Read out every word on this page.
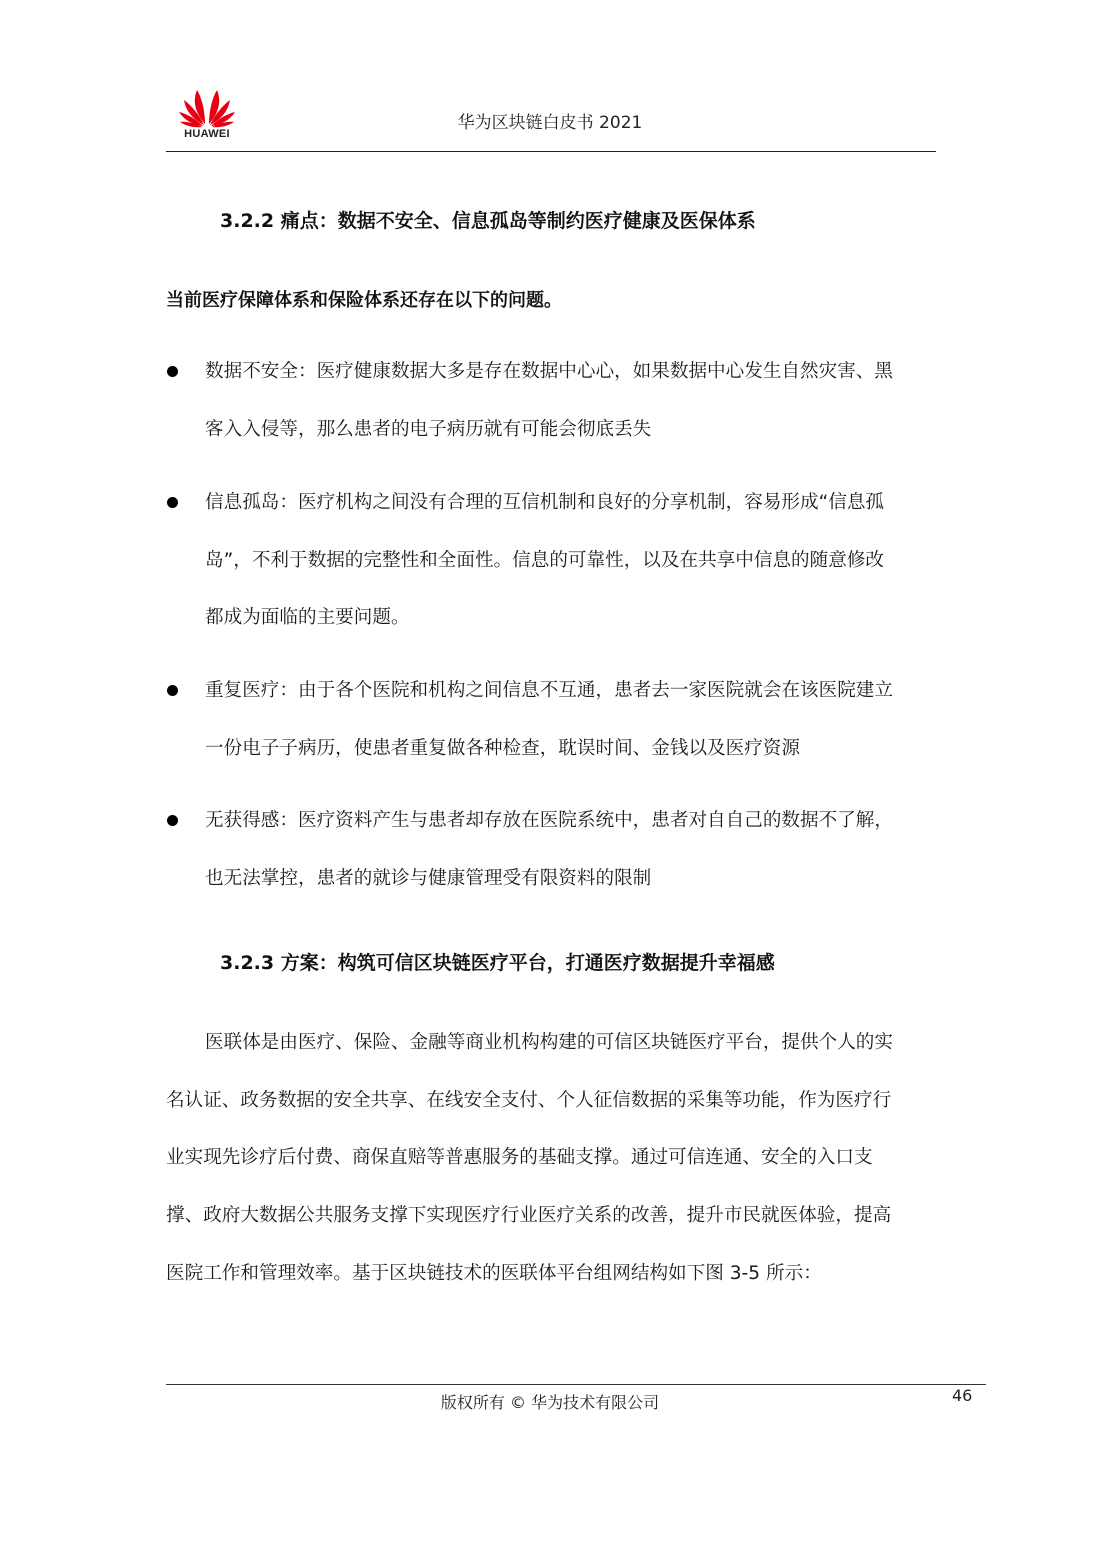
HUAWEI
华为区块链白皮书 2021
3.2.2 痛点：数据不安全、信息孤岛等制约医疗健康及医保体系
当前医疗保障体系和保险体系还存在以下的问题。
数据不安全：医疗健康数据大多是存在数据中心心，如果数据中心发生自然灾害、黑
客入入侵等，那么患者的电子病历就有可能会彻底丢失
信息孤岛：医疗机构之间没有合理的互信机制和良好的分享机制，容易形成“信息孤
岛”，不利于数据的完整性和全面性。信息的可靠性，以及在共享中信息的随意修改
都成为面临的主要问题。
重复医疗：由于各个医院和机构之间信息不互通，患者去一家医院就会在该医院建立
一份电子子病历，使患者重复做各种检查，耽误时间、金钱以及医疗资源
无获得感：医疗资料产生与患者却存放在医院系统中，患者对自自己的数据不了解，
也无法掌控，患者的就诊与健康管理受有限资料的限制
3.2.3 方案：构筑可信区块链医疗平台，打通医疗数据提升幸福感
医联体是由医疗、保险、金融等商业机构构建的可信区块链医疗平台，提供个人的实
名认证、政务数据的安全共享、在线安全支付、个人征信数据的采集等功能，作为医疗行
业实现先诊疗后付费、商保直赔等普惠服务的基础支撑。通过可信连通、安全的入口支
撑、政府大数据公共服务支撑下实现医疗行业医疗关系的改善，提升市民就医体验，提高
医院工作和管理效率。基于区块链技术的医联体平台组网结构如下图 3-5 所示：
版权所有 © 华为技术有限公司	46
